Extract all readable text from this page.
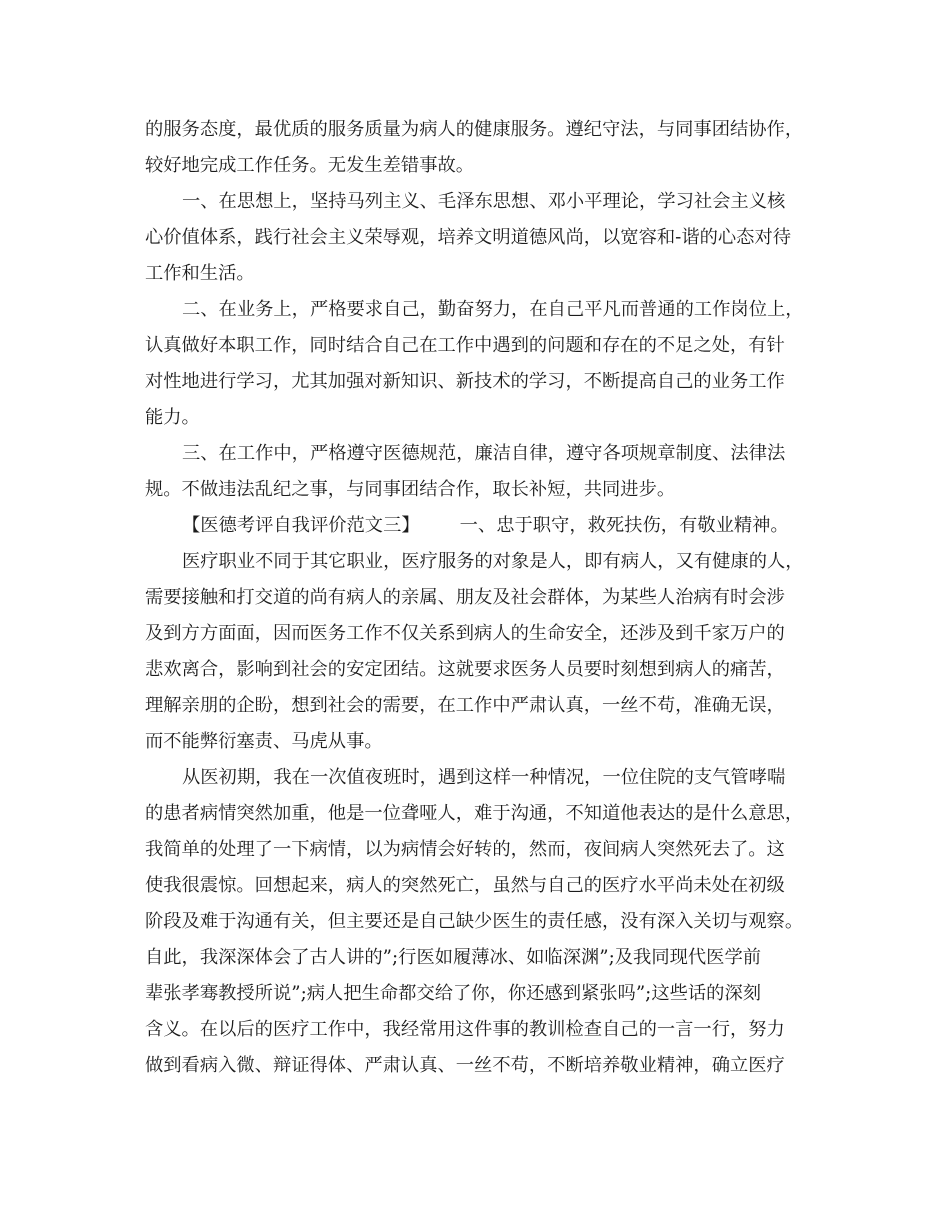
的服务态度，最优质的服务质量为病人的健康服务。遵纪守法，与同事团结协作，
较好地完成工作任务。无发生差错事故。
一、在思想上，坚持马列主义、毛泽东思想、邓小平理论，学习社会主义核
心价值体系，践行社会主义荣辱观，培养文明道德风尚，以宽容和-谐的心态对待
工作和生活。
二、在业务上，严格要求自己，勤奋努力，在自己平凡而普通的工作岗位上，
认真做好本职工作，同时结合自己在工作中遇到的问题和存在的不足之处，有针
对性地进行学习，尤其加强对新知识、新技术的学习，不断提高自己的业务工作
能力。
三、在工作中，严格遵守医德规范，廉洁自律，遵守各项规章制度、法律法
规。不做违法乱纪之事，与同事团结合作，取长补短，共同进步。
【医德考评自我评价范文三】 一、忠于职守，救死扶伤，有敬业精神。
医疗职业不同于其它职业，医疗服务的对象是人，即有病人，又有健康的人，
需要接触和打交道的尚有病人的亲属、朋友及社会群体，为某些人治病有时会涉
及到方方面面，因而医务工作不仅关系到病人的生命安全，还涉及到千家万户的
悲欢离合，影响到社会的安定团结。这就要求医务人员要时刻想到病人的痛苦，
理解亲朋的企盼，想到社会的需要，在工作中严肃认真，一丝不苟，准确无误，
而不能弊衍塞责、马虎从事。
从医初期，我在一次值夜班时，遇到这样一种情况，一位住院的支气管哮喘
的患者病情突然加重，他是一位聋哑人，难于沟通，不知道他表达的是什么意思，
我简单的处理了一下病情，以为病情会好转的，然而，夜间病人突然死去了。这
使我很震惊。回想起来，病人的突然死亡，虽然与自己的医疗水平尚未处在初级
阶段及难于沟通有关，但主要还是自己缺少医生的责任感，没有深入关切与观察。
自此，我深深体会了古人讲的”;行医如履薄冰、如临深渊”;及我同现代医学前
辈张孝骞教授所说”;病人把生命都交给了你，你还感到紧张吗”;这些话的深刻
含义。在以后的医疗工作中，我经常用这件事的教训检查自己的一言一行，努力
做到看病入微、辩证得体、严肃认真、一丝不苟，不断培养敬业精神，确立医疗
